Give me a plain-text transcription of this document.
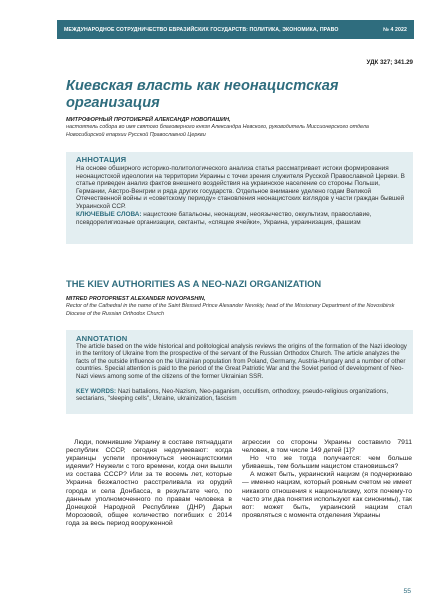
МЕЖДУНАРОДНОЕ СОТРУДНИЧЕСТВО ЕВРАЗИЙСКИХ ГОСУДАРСТВ: ПОЛИТИКА, ЭКОНОМИКА, ПРАВО	№ 4 2022
УДК 327; 341.29
Киевская власть как неонацистская организация
МИТРОФОРНЫЙ ПРОТОИЕРЕЙ АЛЕКСАНДР НОВОПАШИН,
настоятель собора во имя святого благоверного князя Александра Невского, руководитель Миссионерского отдела Новосибирской епархии Русской Православной Церкви
АННОТАЦИЯ
На основе обширного историко-политологического анализа статья рассматривает истоки формирования неонацистской идеологии на территории Украины с точки зрения служителя Русской Православной Церкви. В статье приведен анализ фактов внешнего воздействия на украинское население со стороны Польши, Германии, Австро-Венгрии и ряда других государств. Отдельное внимание уделено годам Великой Отечественной войны и «советскому периоду» становления неонацистских взглядов у части граждан бывшей Украинской ССР.
КЛЮЧЕВЫЕ СЛОВА: нацистские батальоны, неонацизм, неоязычество, оккультизм, православие, псевдорелигиозные организации, сектанты, «спящие ячейки», Украина, украинизация, фашизм
THE KIEV AUTHORITIES AS A NEO-NAZI ORGANIZATION
MITRED PROTOPRIEST ALEXANDER NOVOPASHIN,
Rector of the Cathedral in the name of the Saint Blessed Prince Alexander Nevskiy, head of the Missionary Department of the Novosibirsk Diocese of the Russian Orthodox Church
ANNOTATION
The article based on the wide historical and politological analysis reviews the origins of the formation of the Nazi ideology in the territory of Ukraine from the prospective of the servant of the Russian Orthodox Church. The article analyzes the facts of the outside influence on the Ukrainian population from Poland, Germany, Austria-Hungary and a number of other countries. Special attention is paid to the period of the Great Patriotic War and the Soviet period of development of Neo-Nazi views among some of the citizens of the former Ukrainian SSR.
KEY WORDS: Nazi battalions, Neo-Nazism, Neo-paganism, occultism, orthodoxy, pseudo-religious organizations, sectarians, "sleeping cells", Ukraine, ukrainization, fascism
Люди, помнившие Украину в составе пятнадцати республик СССР, сегодня недоумевают: когда украинцы успели проникнуться неонацистскими идеями? Неужели с того времени, когда они вышли из состава СССР? Или за те восемь лет, которые Украина безжалостно расстреливала из орудий города и села Донбасса, в результате чего, по данным уполномоченного по правам человека в Донецкой Народной Республике (ДНР) Дарьи Морозовой, общее количество погибших с 2014 года за весь период вооруженной

агрессии со стороны Украины составило 7911 человек, в том числе 149 детей [1]?

Но что же тогда получается: чем больше убиваешь, тем большим нацистом становишься?

А может быть, украинский нацизм (я подчеркиваю — именно нацизм, который ровным счетом не имеет никакого отношения к национализму, хотя почему-то часто эти два понятия используют как синонимы), так вот: может быть, украинский нацизм стал проявляться с момента отделения Украины

55
